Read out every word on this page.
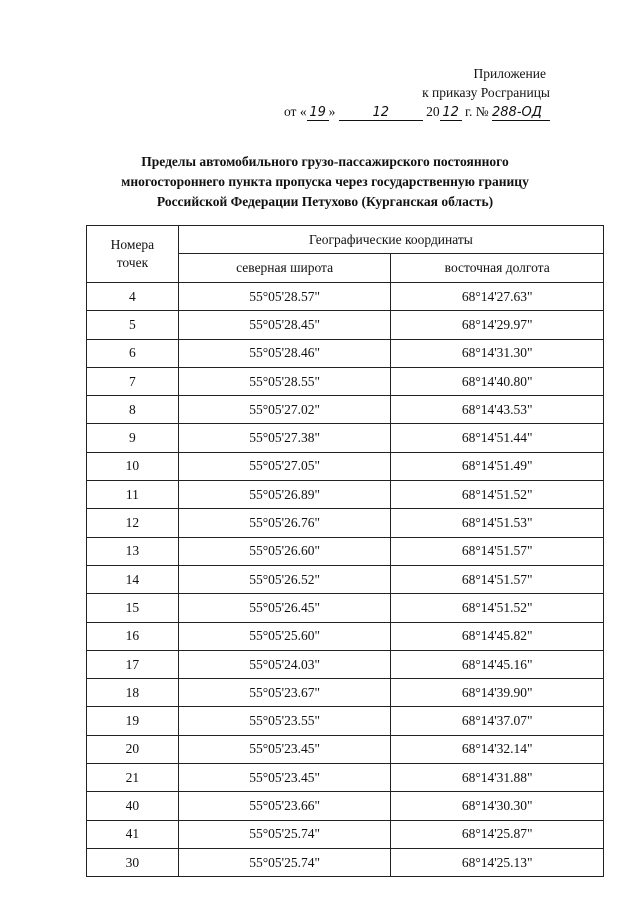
Приложение
к приказу Росграницы
от « 19 »	12	20 12 г. № 288-ОД
Пределы автомобильного грузо-пассажирского постоянного
многостороннего пункта пропуска через государственную границу
Российской Федерации Петухово (Курганская область)
Номера
точек	Географические координаты	
	северная широта	восточная долгота
4	55°05'28.57"	68°14'27.63"
5	55°05'28.45"	68°14'29.97"
6	55°05'28.46"	68°14'31.30"
7	55°05'28.55"	68°14'40.80"
8	55°05'27.02"	68°14'43.53"
9	55°05'27.38"	68°14'51.44"
10	55°05'27.05"	68°14'51.49"
11	55°05'26.89"	68°14'51.52"
12	55°05'26.76"	68°14'51.53"
13	55°05'26.60"	68°14'51.57"
14	55°05'26.52"	68°14'51.57"
15	55°05'26.45"	68°14'51.52"
16	55°05'25.60"	68°14'45.82"
17	55°05'24.03"	68°14'45.16"
18	55°05'23.67"	68°14'39.90"
19	55°05'23.55"	68°14'37.07"
20	55°05'23.45"	68°14'32.14"
21	55°05'23.45"	68°14'31.88"
40	55°05'23.66"	68°14'30.30"
41	55°05'25.74"	68°14'25.87"
30	55°05'25.74"	68°14'25.13"
